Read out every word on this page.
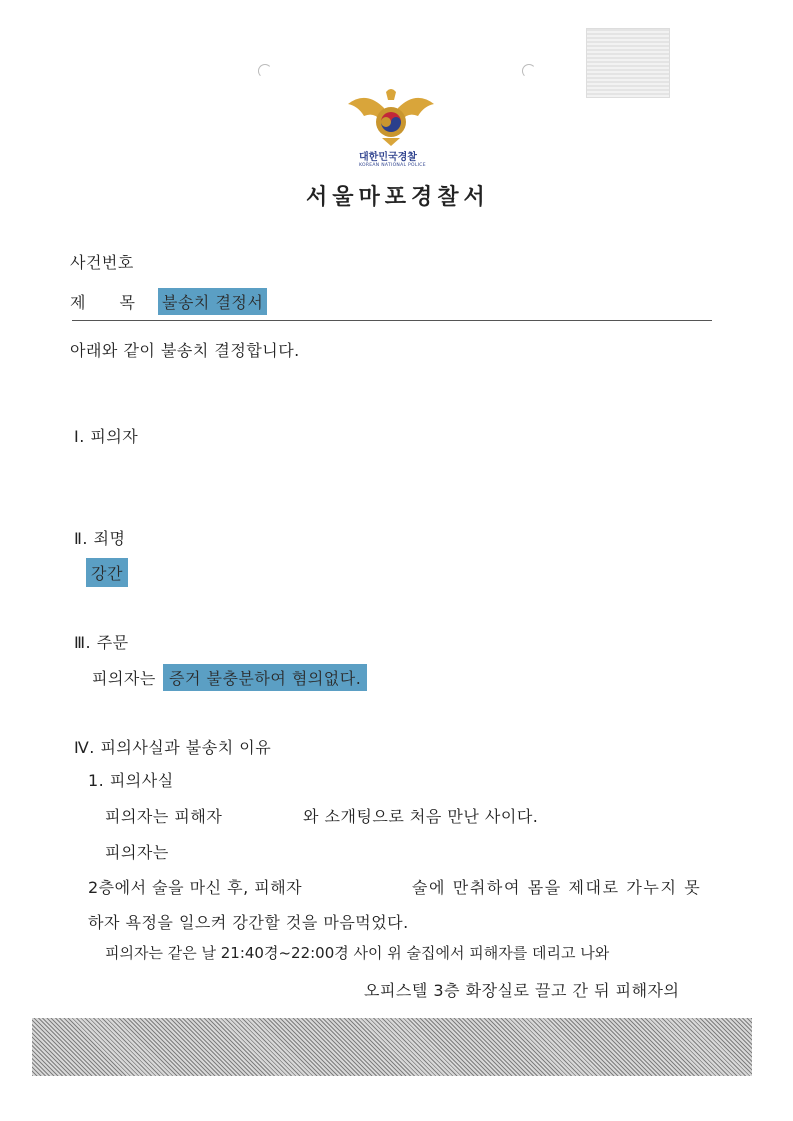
대한민국경찰
KOREAN NATIONAL POLICE
서울마포경찰서
사건번호
제      목 불송치 결정서
아래와 같이 불송치 결정합니다.
Ⅰ. 피의자
Ⅱ. 죄명
강간
Ⅲ. 주문
피의자는 증거 불충분하여 혐의없다.
Ⅳ. 피의사실과 불송치 이유
1. 피의사실
피의자는 피해자	와 소개팅으로 처음 만난 사이다.
피의자는
2층에서 술을 마신 후, 피해자	술에 만취하여 몸을 제대로 가누지 못
하자 욕정을 일으켜 강간할 것을 마음먹었다.
피의자는 같은 날 21:40경~22:00경 사이 위 술집에서 피해자를 데리고 나와
오피스텔 3층 화장실로 끌고 간 뒤 피해자의
